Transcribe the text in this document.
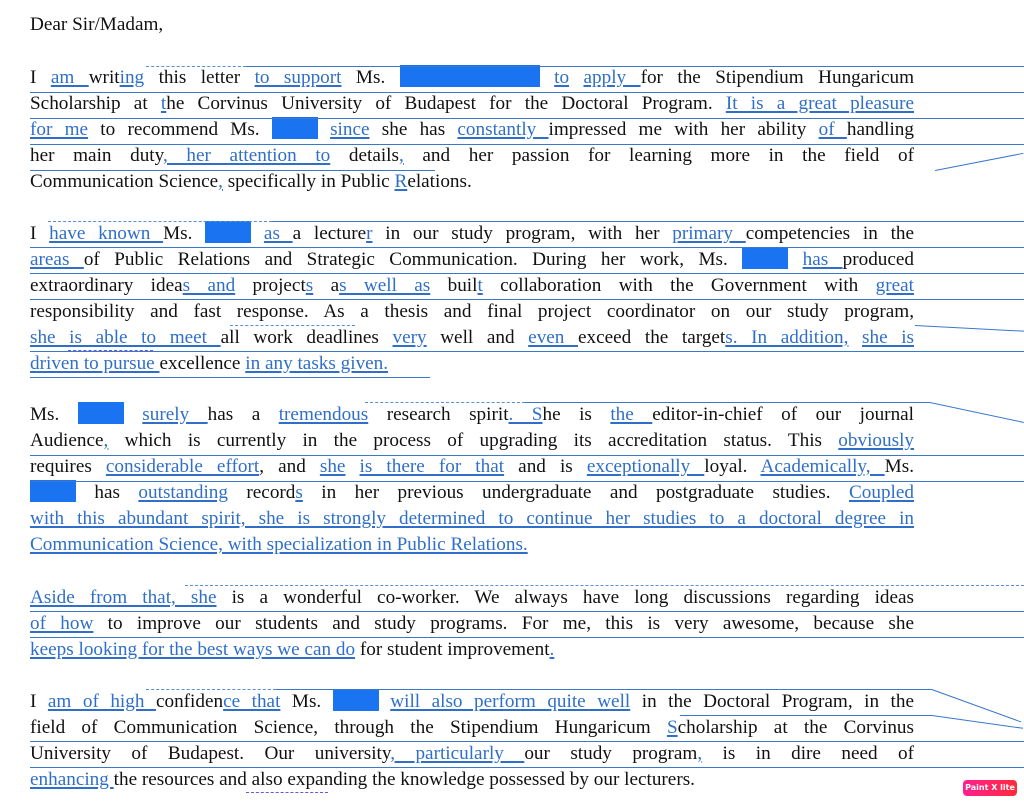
Dear Sir/Madam,
I am writing this letter to support Ms.	to apply for the Stipendium Hungaricum
Scholarship at the Corvinus University of Budapest for the Doctoral Program. It is a great pleasure
for me to recommend Ms.	since she has constantly impressed me with her ability of handling
her main duty, her attention to details, and her passion for learning more in the field of
Communication Science, specifically in Public Relations.
I have known Ms.	as a lecturer in our study program, with her primary competencies in the
areas of Public Relations and Strategic Communication. During her work, Ms.	has produced
extraordinary ideas and projects as well as built collaboration with the Government with great
responsibility and fast response. As a thesis and final project coordinator on our study program,
she is able to meet all work deadlines very well and even exceed the targets. In addition, she is
driven to pursue excellence in any tasks given.
Ms.	surely has a tremendous research spirit. She is the editor-in-chief of our journal
Audience, which is currently in the process of upgrading its accreditation status. This obviously
requires considerable effort, and she is there for that and is exceptionally loyal. Academically, Ms.
has outstanding records in her previous undergraduate and postgraduate studies. Coupled
with this abundant spirit, she is strongly determined to continue her studies to a doctoral degree in
Communication Science, with specialization in Public Relations.
Aside from that, she is a wonderful co-worker. We always have long discussions regarding ideas
of how to improve our students and study programs. For me, this is very awesome, because she
keeps looking for the best ways we can do for student improvement.
I am of high confidence that Ms.	will also perform quite well in the Doctoral Program, in the
field of Communication Science, through the Stipendium Hungaricum Scholarship at the Corvinus
University of Budapest. Our university, particularly our study program, is in dire need of
enhancing the resources and also expanding the knowledge possessed by our lecturers.	Paint X lite
